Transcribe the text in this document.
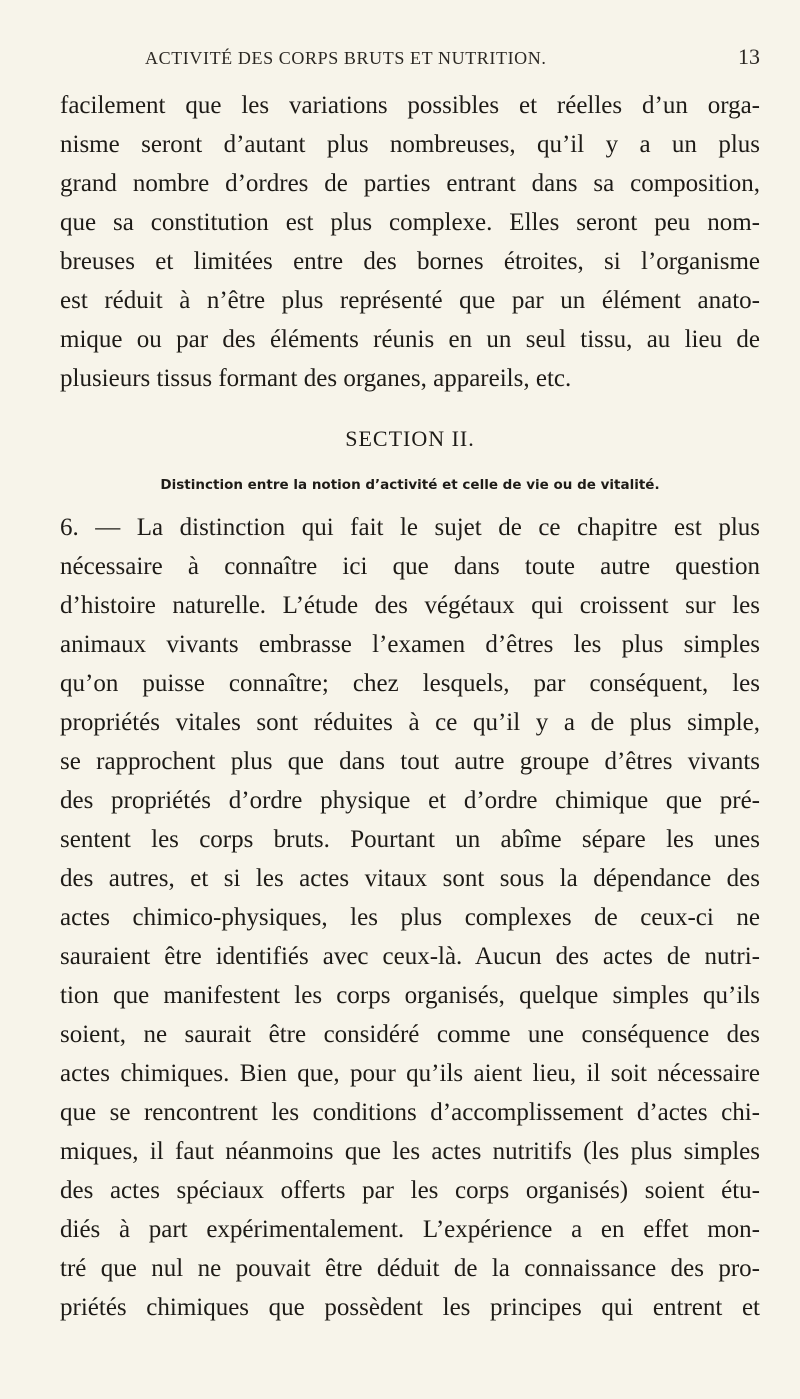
ACTIVITÉ DES CORPS BRUTS ET NUTRITION.	13

facilement que les variations possibles et réelles d’un orga-
nisme seront d’autant plus nombreuses, qu’il y a un plus
grand nombre d’ordres de parties entrant dans sa composition,
que sa constitution est plus complexe. Elles seront peu nom-
breuses et limitées entre des bornes étroites, si l’organisme
est réduit à n’être plus représenté que par un élément anato-
mique ou par des éléments réunis en un seul tissu, au lieu de
plusieurs tissus formant des organes, appareils, etc.

SECTION II.
Distinction entre la notion d’activité et celle de vie ou de vitalité.

6. — La distinction qui fait le sujet de ce chapitre est plus
nécessaire à connaître ici que dans toute autre question
d’histoire naturelle. L’étude des végétaux qui croissent sur les
animaux vivants embrasse l’examen d’êtres les plus simples
qu’on puisse connaître; chez lesquels, par conséquent, les
propriétés vitales sont réduites à ce qu’il y a de plus simple,
se rapprochent plus que dans tout autre groupe d’êtres vivants
des propriétés d’ordre physique et d’ordre chimique que pré-
sentent les corps bruts. Pourtant un abîme sépare les unes
des autres, et si les actes vitaux sont sous la dépendance des
actes chimico-physiques, les plus complexes de ceux-ci ne
sauraient être identifiés avec ceux-là. Aucun des actes de nutri-
tion que manifestent les corps organisés, quelque simples qu’ils
soient, ne saurait être considéré comme une conséquence des
actes chimiques. Bien que, pour qu’ils aient lieu, il soit nécessaire
que se rencontrent les conditions d’accomplissement d’actes chi-
miques, il faut néanmoins que les actes nutritifs (les plus simples
des actes spéciaux offerts par les corps organisés) soient étu-
diés à part expérimentalement. L’expérience a en effet mon-
tré que nul ne pouvait être déduit de la connaissance des pro-
priétés chimiques que possèdent les principes qui entrent et
